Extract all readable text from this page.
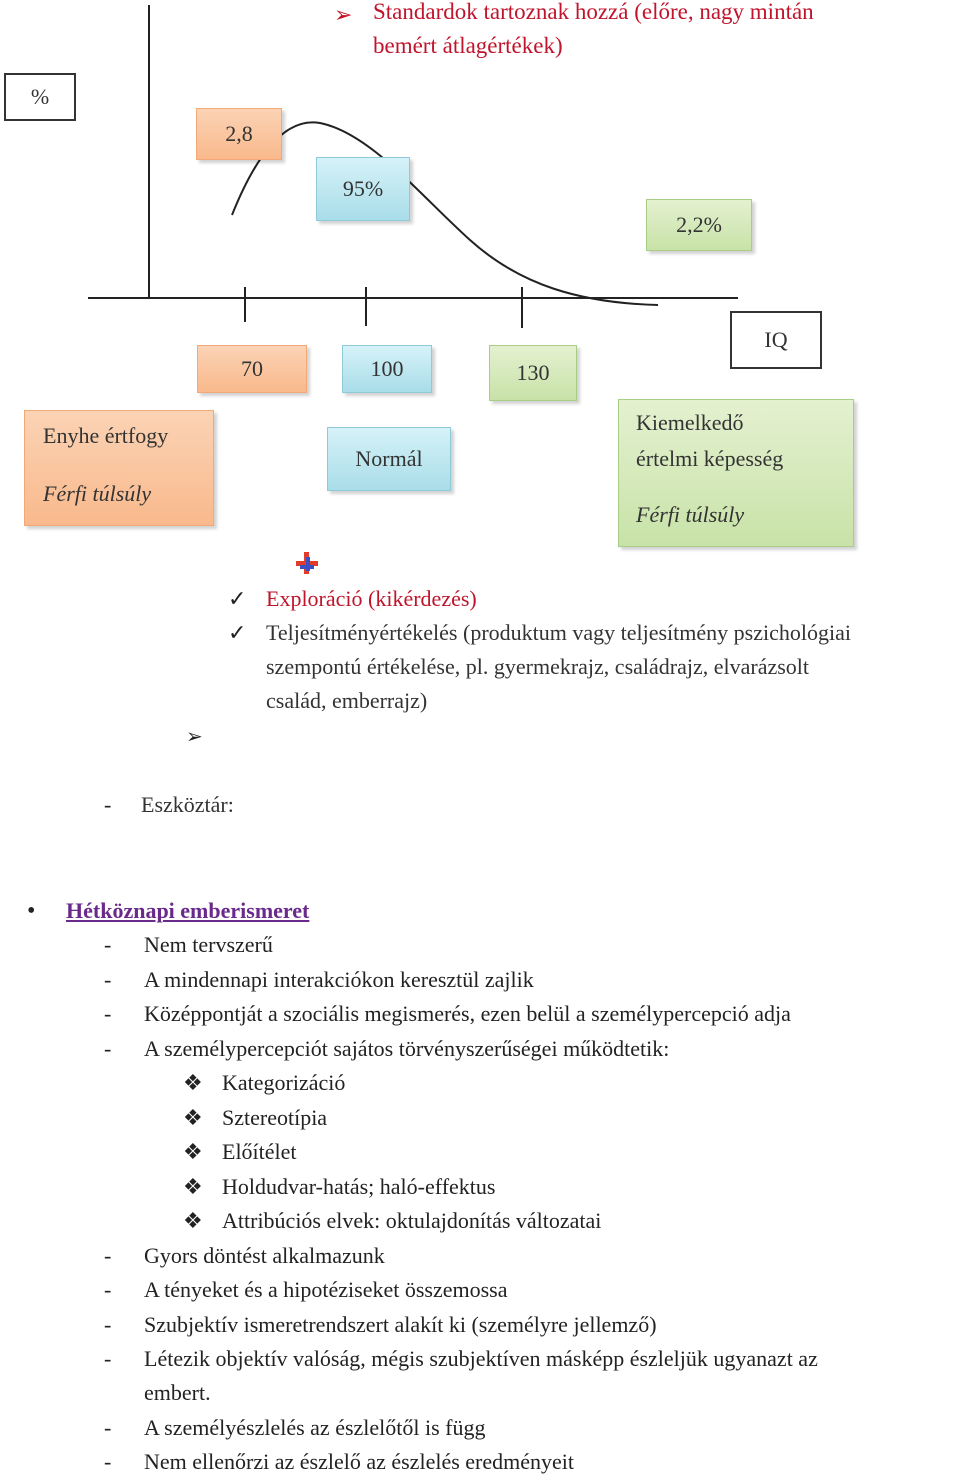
➢ Standardok tartoznak hozzá (előre, nagy mintán
bemért átlagértékek)
%
2,8
95%
2,2%
IQ
70	100	130
Enyhe értfogy
Férfi túlsúly
Normál
Kiemelkedő
értelmi képesség
Férfi túlsúly
✓ Exploráció (kikérdezés)
✓ Teljesítményértékelés (produktum vagy teljesítmény pszichológiai
szempontú értékelése, pl. gyermekrajz, családrajz, elvarázsolt
család, emberrajz)
➢
- Eszköztár:
• Hétköznapi emberismeret
- Nem tervszerű
- A mindennapi interakciókon keresztül zajlik
- Középpontját a szociális megismerés, ezen belül a személypercepció adja
- A személypercepciót sajátos törvényszerűségei működtetik:
❖ Kategorizáció
❖ Sztereotípia
❖ Előítélet
❖ Holdudvar-hatás; haló-effektus
❖ Attribúciós elvek: oktulajdonítás változatai
- Gyors döntést alkalmazunk
- A tényeket és a hipotéziseket összemossa
- Szubjektív ismeretrendszert alakít ki (személyre jellemző)
- Létezik objektív valóság, mégis szubjektíven másképp észleljük ugyanazt az
embert.
- A személyészlelés az észlelőtől is függ
- Nem ellenőrzi az észlelő az észlelés eredményeit
